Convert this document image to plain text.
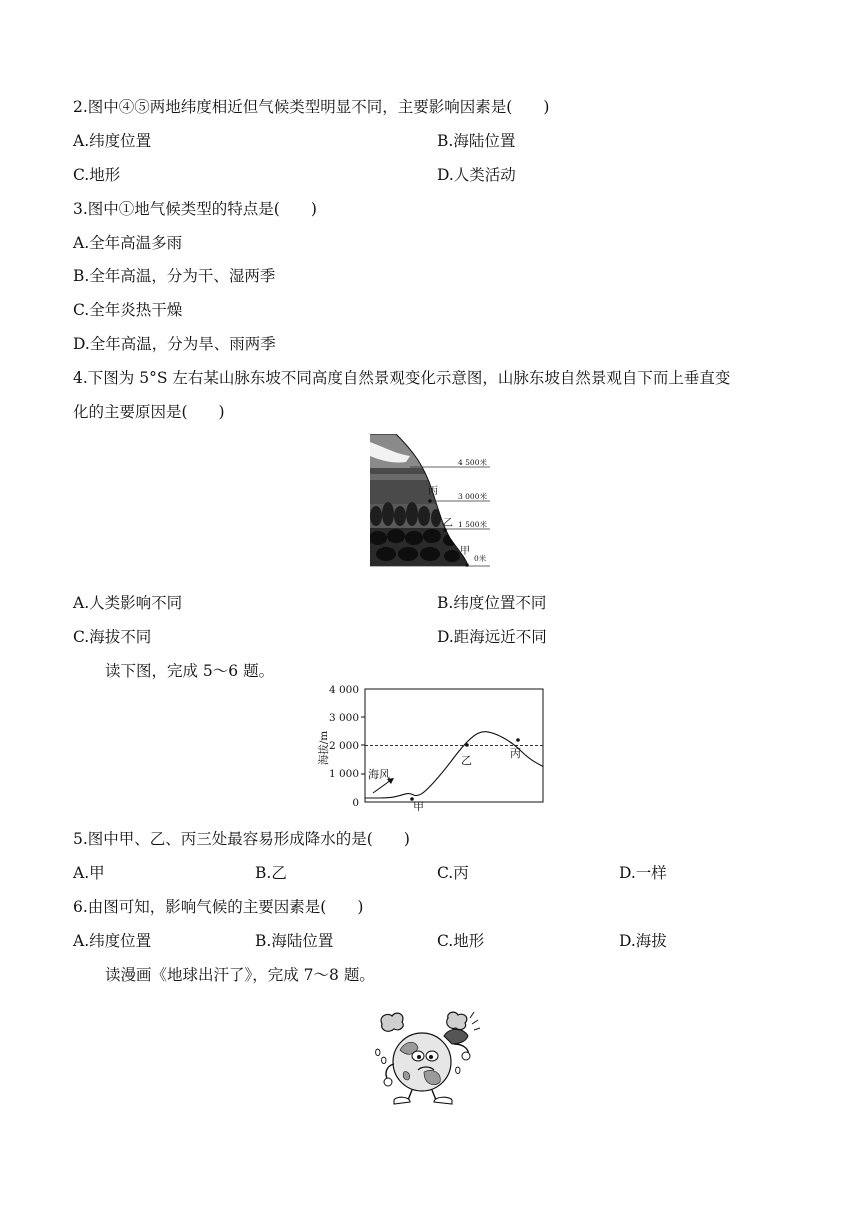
2.图中④⑤两地纬度相近但气候类型明显不同，主要影响因素是(　　)
A.纬度位置	B.海陆位置
C.地形	D.人类活动
3.图中①地气候类型的特点是(　　)
A.全年高温多雨
B.全年高温，分为干、湿两季
C.全年炎热干燥
D.全年高温，分为旱、雨两季
4.下图为 5°S 左右某山脉东坡不同高度自然景观变化示意图，山脉东坡自然景观自下而上垂直变
化的主要原因是(　　)
4 500米
3 000米
1 500米
0米
丙
乙
甲
A.人类影响不同	B.纬度位置不同
C.海拔不同	D.距海远近不同
读下图，完成 5～6 题。
4 000
3 000
2 000
1 000
0
海拔/m
海风
甲
乙
丙
5.图中甲、乙、丙三处最容易形成降水的是(　　)
A.甲	B.乙	C.丙	D.一样
6.由图可知，影响气候的主要因素是(　　)
A.纬度位置	B.海陆位置	C.地形	D.海拔
读漫画《地球出汗了》，完成 7～8 题。
